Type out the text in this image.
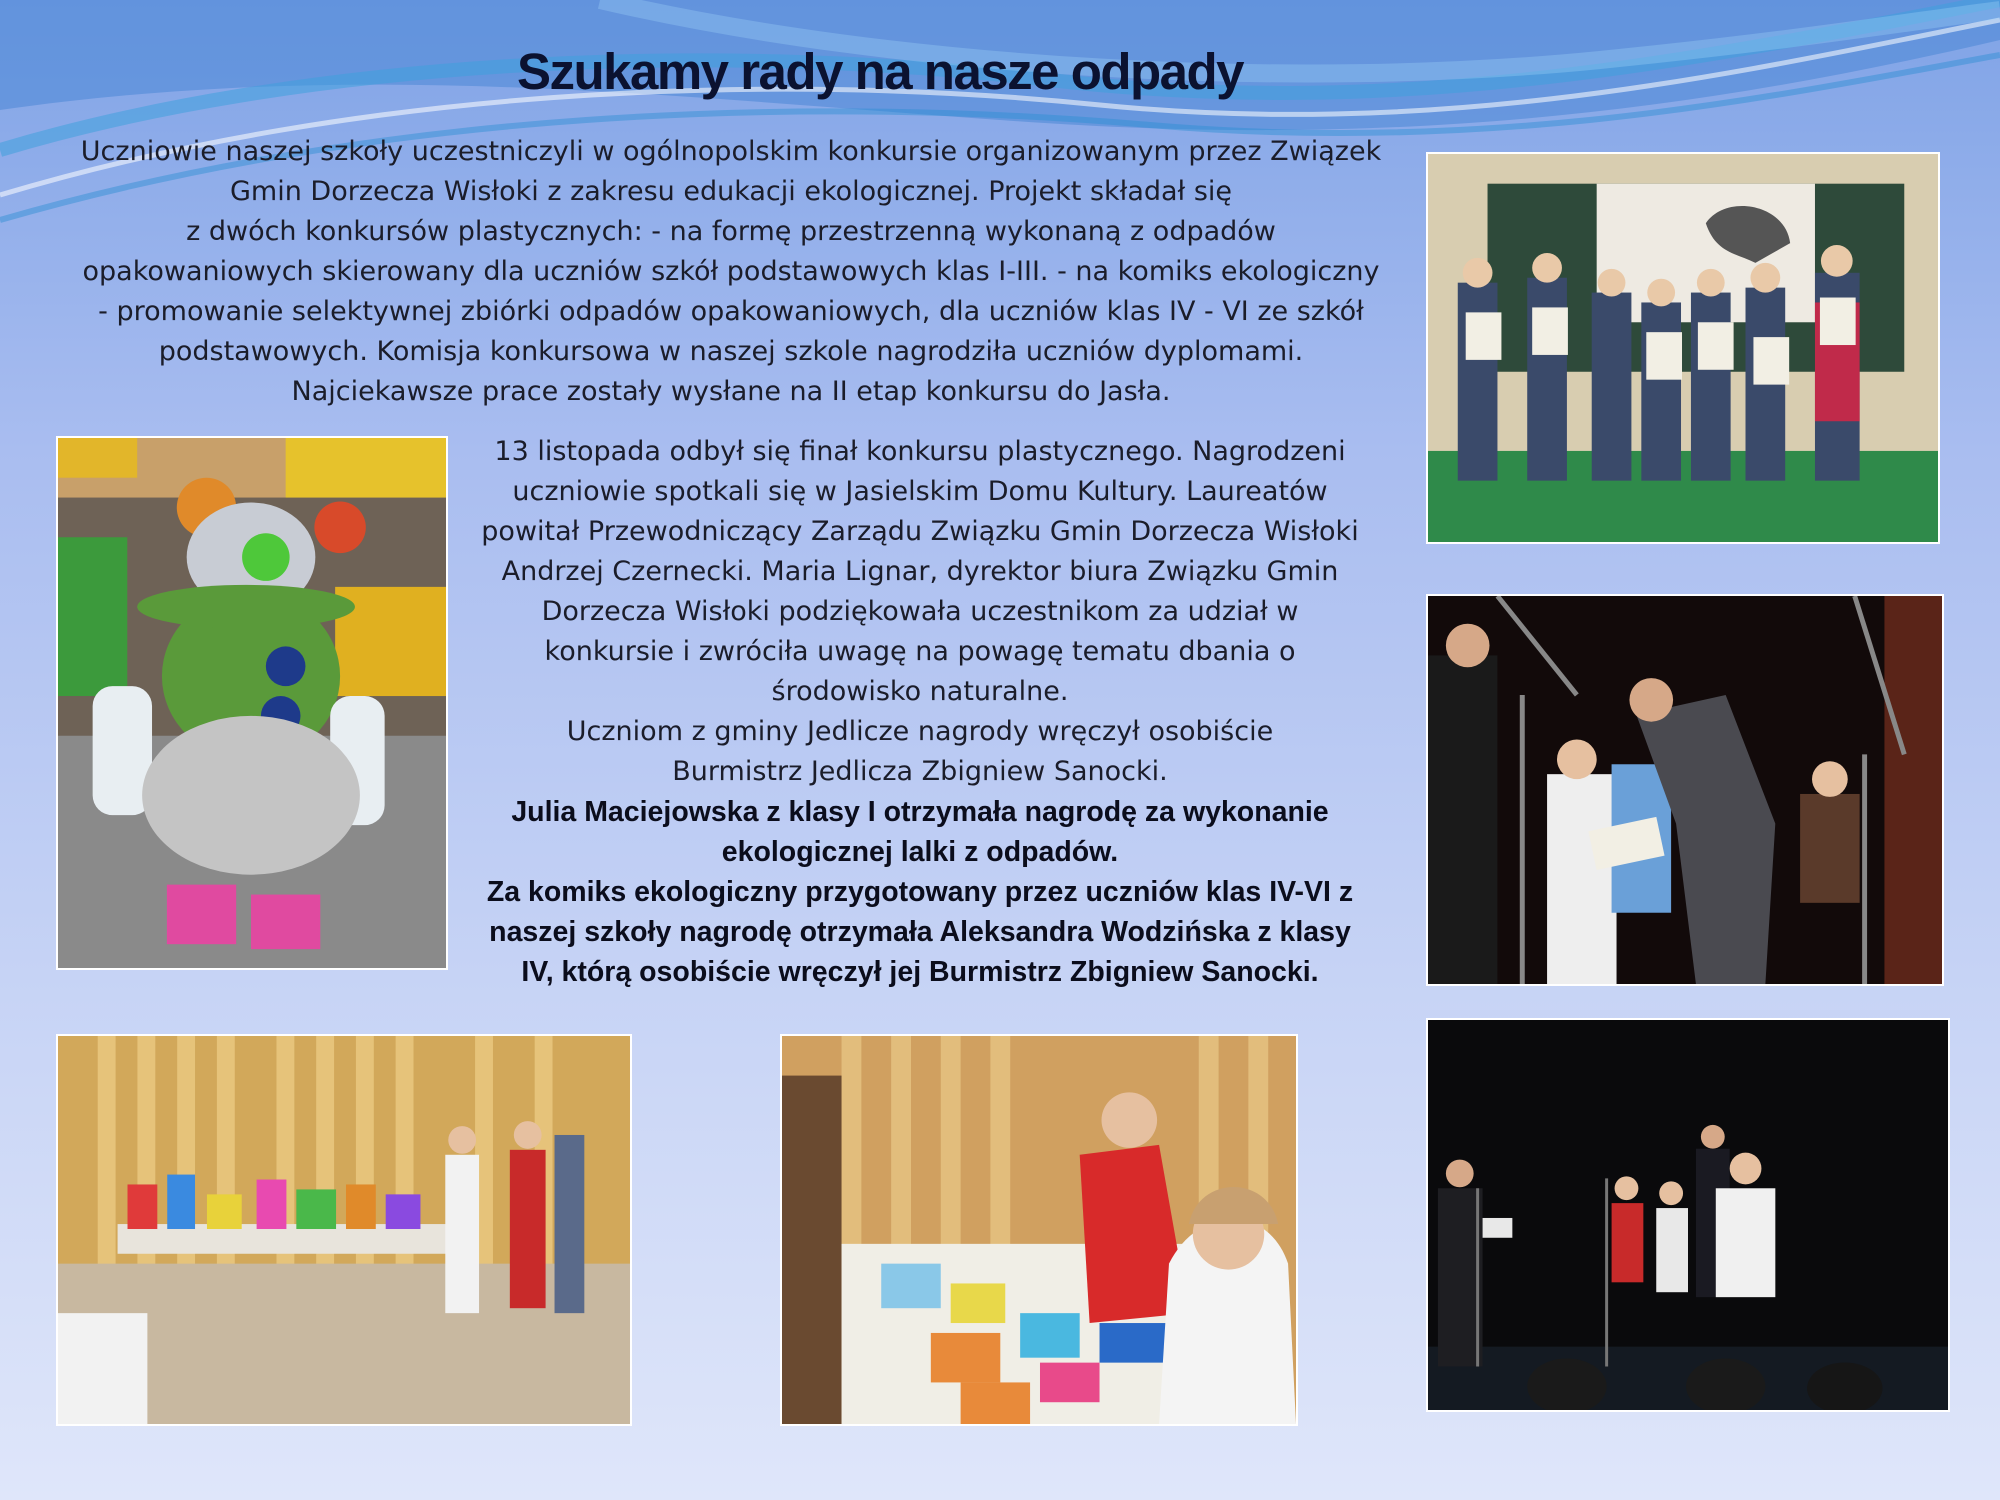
Szukamy rady na nasze odpady
Uczniowie naszej szkoły uczestniczyli w ogólnopolskim konkursie organizowanym przez Związek
Gmin Dorzecza Wisłoki z zakresu edukacji ekologicznej. Projekt składał się
z dwóch konkursów plastycznych: - na formę przestrzenną wykonaną z odpadów
opakowaniowych skierowany dla uczniów szkół podstawowych klas I-III. - na komiks ekologiczny
- promowanie selektywnej zbiórki odpadów opakowaniowych, dla uczniów klas IV - VI ze szkół
podstawowych. Komisja konkursowa w naszej szkole nagrodziła uczniów dyplomami.
Najciekawsze prace zostały wysłane na II etap konkursu do Jasła.
13 listopada odbył się finał konkursu plastycznego. Nagrodzeni
uczniowie spotkali się w Jasielskim Domu Kultury. Laureatów
powitał Przewodniczący Zarządu Związku Gmin Dorzecza Wisłoki
Andrzej Czernecki. Maria Lignar, dyrektor biura Związku Gmin
Dorzecza Wisłoki podziękowała uczestnikom za udział w
konkursie i zwróciła uwagę na powagę tematu dbania o
środowisko naturalne.
Uczniom z gminy Jedlicze nagrody wręczył osobiście
Burmistrz Jedlicza Zbigniew Sanocki.
Julia Maciejowska z klasy I otrzymała nagrodę za wykonanie
ekologicznej lalki z odpadów.
Za komiks ekologiczny przygotowany przez uczniów klas IV-VI z
naszej szkoły nagrodę otrzymała Aleksandra Wodzińska z klasy
IV, którą osobiście wręczył jej Burmistrz Zbigniew Sanocki.
